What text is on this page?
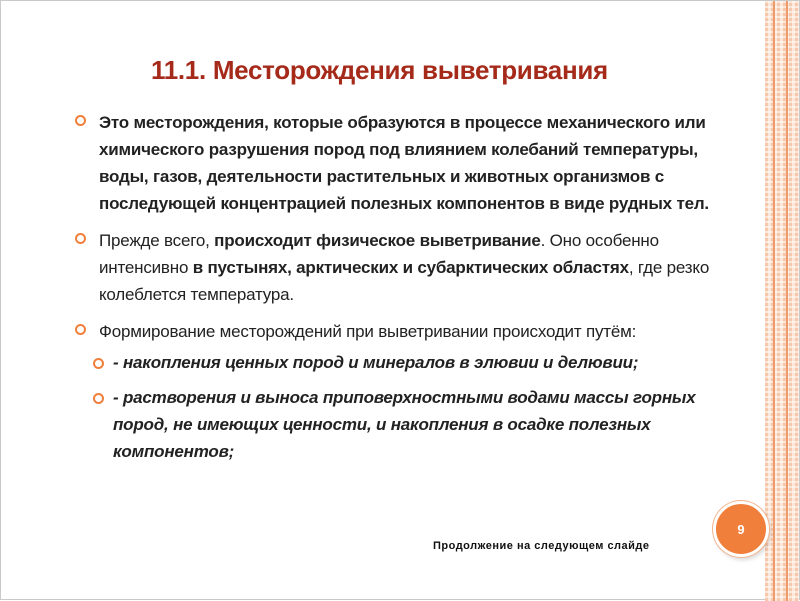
11.1. Месторождения выветривания
Это месторождения, которые образуются в процессе механического или химического разрушения пород под влиянием колебаний температуры, воды, газов, деятельности растительных и животных организмов с последующей концентрацией полезных компонентов в виде рудных тел.
Прежде всего, происходит физическое выветривание. Оно особенно интенсивно в пустынях, арктических и субарктических областях, где резко колеблется температура.
Формирование месторождений при выветривании происходит путём:
- накопления ценных пород и минералов в элювии и делювии;
- растворения и выноса приповерхностными водами массы горных пород, не имеющих ценности, и накопления в осадке полезных компонентов;
9
Продолжение на следующем слайде
